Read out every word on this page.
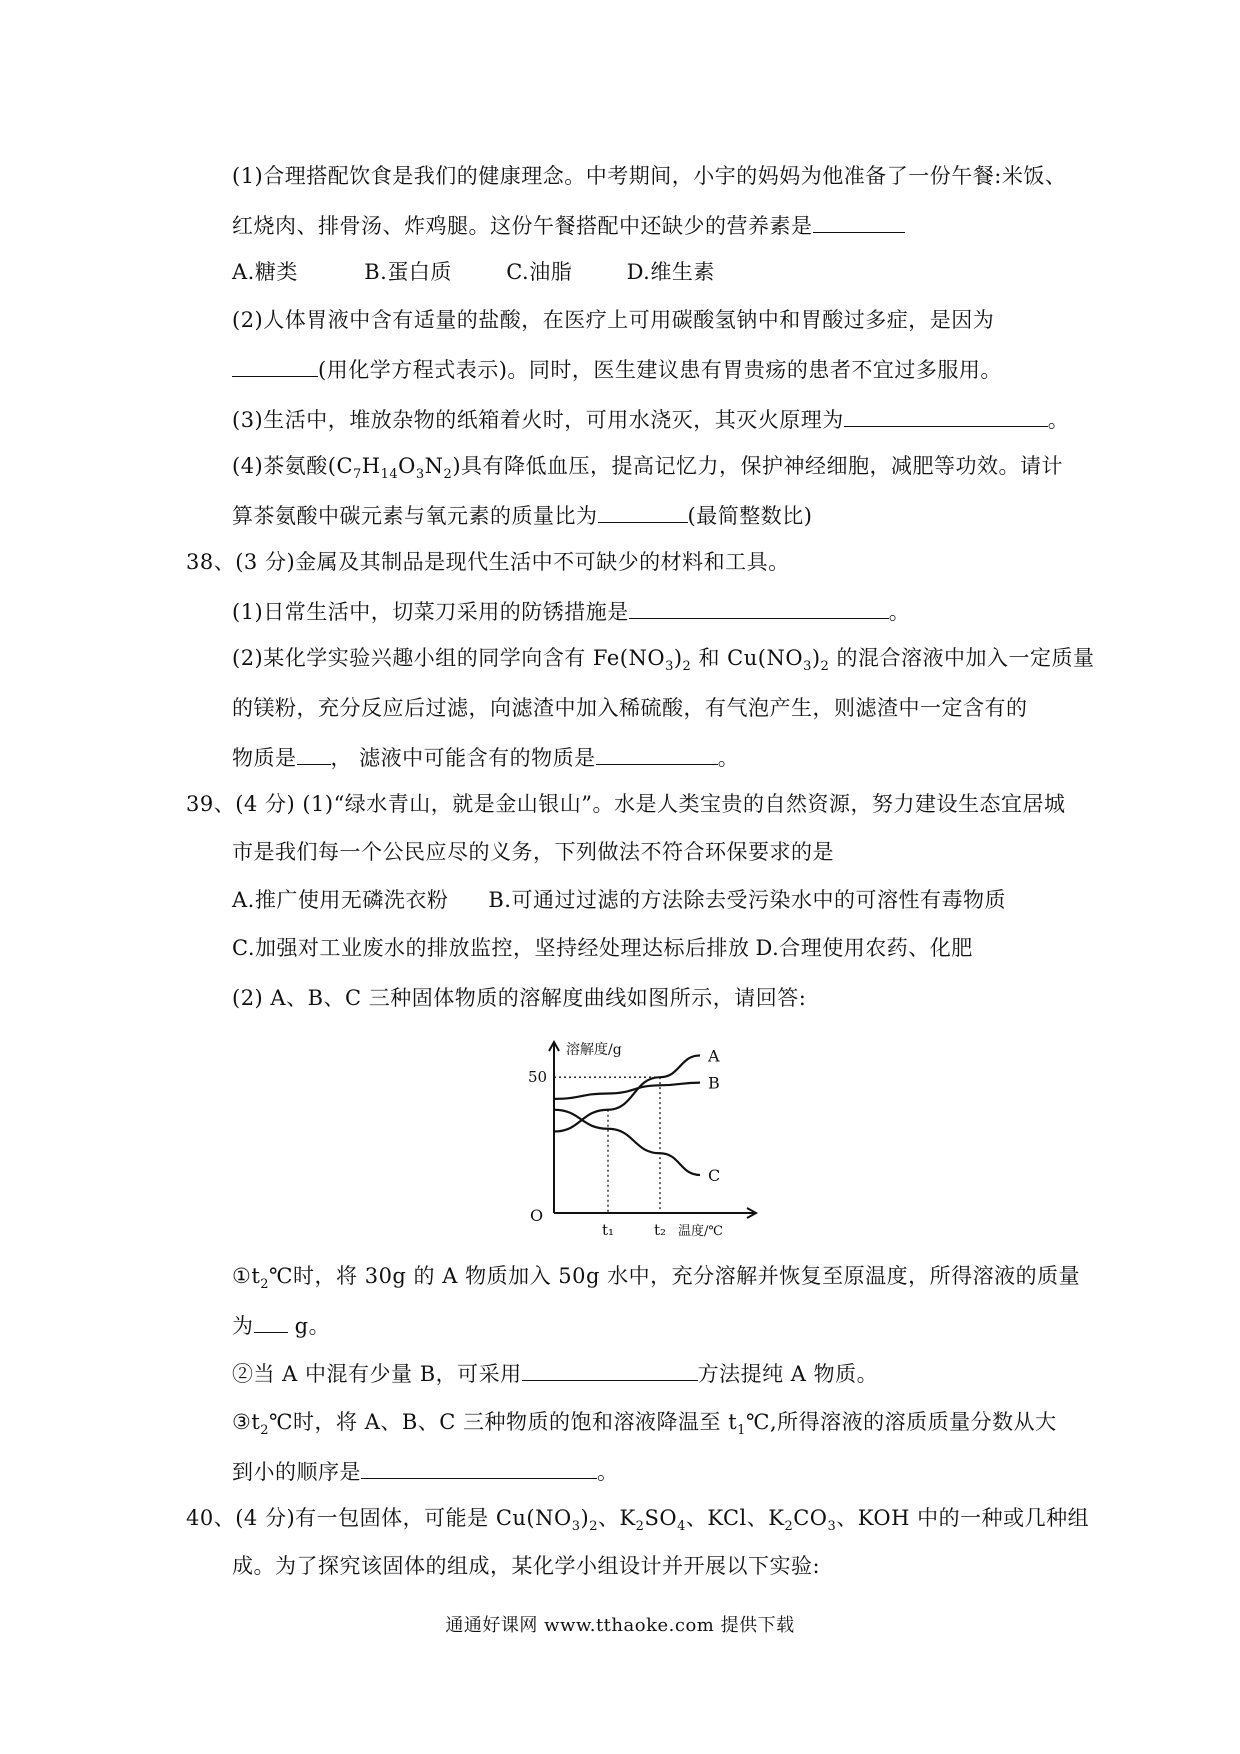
(1)合理搭配饮食是我们的健康理念。中考期间，小宇的妈妈为他准备了一份午餐:米饭、
红烧肉、排骨汤、炸鸡腿。这份午餐搭配中还缺少的营养素是
A.糖类	B.蛋白质	C.油脂	D.维生素
(2)人体胃液中含有适量的盐酸，在医疗上可用碳酸氢钠中和胃酸过多症，是因为
(用化学方程式表示)。同时，医生建议患有胃贵疡的患者不宜过多服用。
(3)生活中，堆放杂物的纸箱着火时，可用水浇灭，其灭火原理为	。
(4)茶氨酸$(C_7H_{14}O_3N_2)$具有降低血压，提高记忆力，保护神经细胞，减肥等功效。请计
算茶氨酸中碳元素与氧元素的质量比为	(最简整数比)
38、(3 分)金属及其制品是现代生活中不可缺少的材料和工具。
(1)日常生活中，切菜刀采用的防锈措施是	。
(2)某化学实验兴趣小组的同学向含有 $Fe(NO_3)_2$ 和 $Cu(NO_3)_2$ 的混合溶液中加入一定质量
的镁粉，充分反应后过滤，向滤渣中加入稀硫酸，有气泡产生，则滤渣中一定含有的
物质是 ， 滤液中可能含有的物质是	。
39、(4 分) (1)“绿水青山，就是金山银山”。水是人类宝贵的自然资源，努力建设生态宜居城
市是我们每一个公民应尽的义务，下列做法不符合环保要求的是
A.推广使用无磷洗衣粉 B.可通过过滤的方法除去受污染水中的可溶性有毒物质
C.加强对工业废水的排放监控，坚持经处理达标后排放 D.合理使用农药、化肥
(2) A、B、C 三种固体物质的溶解度曲线如图所示，请回答:
溶解度/g
O
温度/℃
50
t₁	t₂
A
B
C
$①t_2℃$时，将 30g 的 A 物质加入 50g 水中，充分溶解并恢复至原温度，所得溶液的质量
为 g。
②当 A 中混有少量 B，可采用	方法提纯 A 物质。
$③t_2℃$时，将 A、B、C 三种物质的饱和溶液降温至 $t_1℃$,所得溶液的溶质质量分数从大
到小的顺序是	。
40、(4 分)有一包固体，可能是 $Cu(NO_3)_2$、$K_2SO_4$、KCl、$K_2CO_3$、KOH 中的一种或几种组
成。为了探究该固体的组成，某化学小组设计并开展以下实验:
通通好课网 www.tthaoke.com 提供下载
